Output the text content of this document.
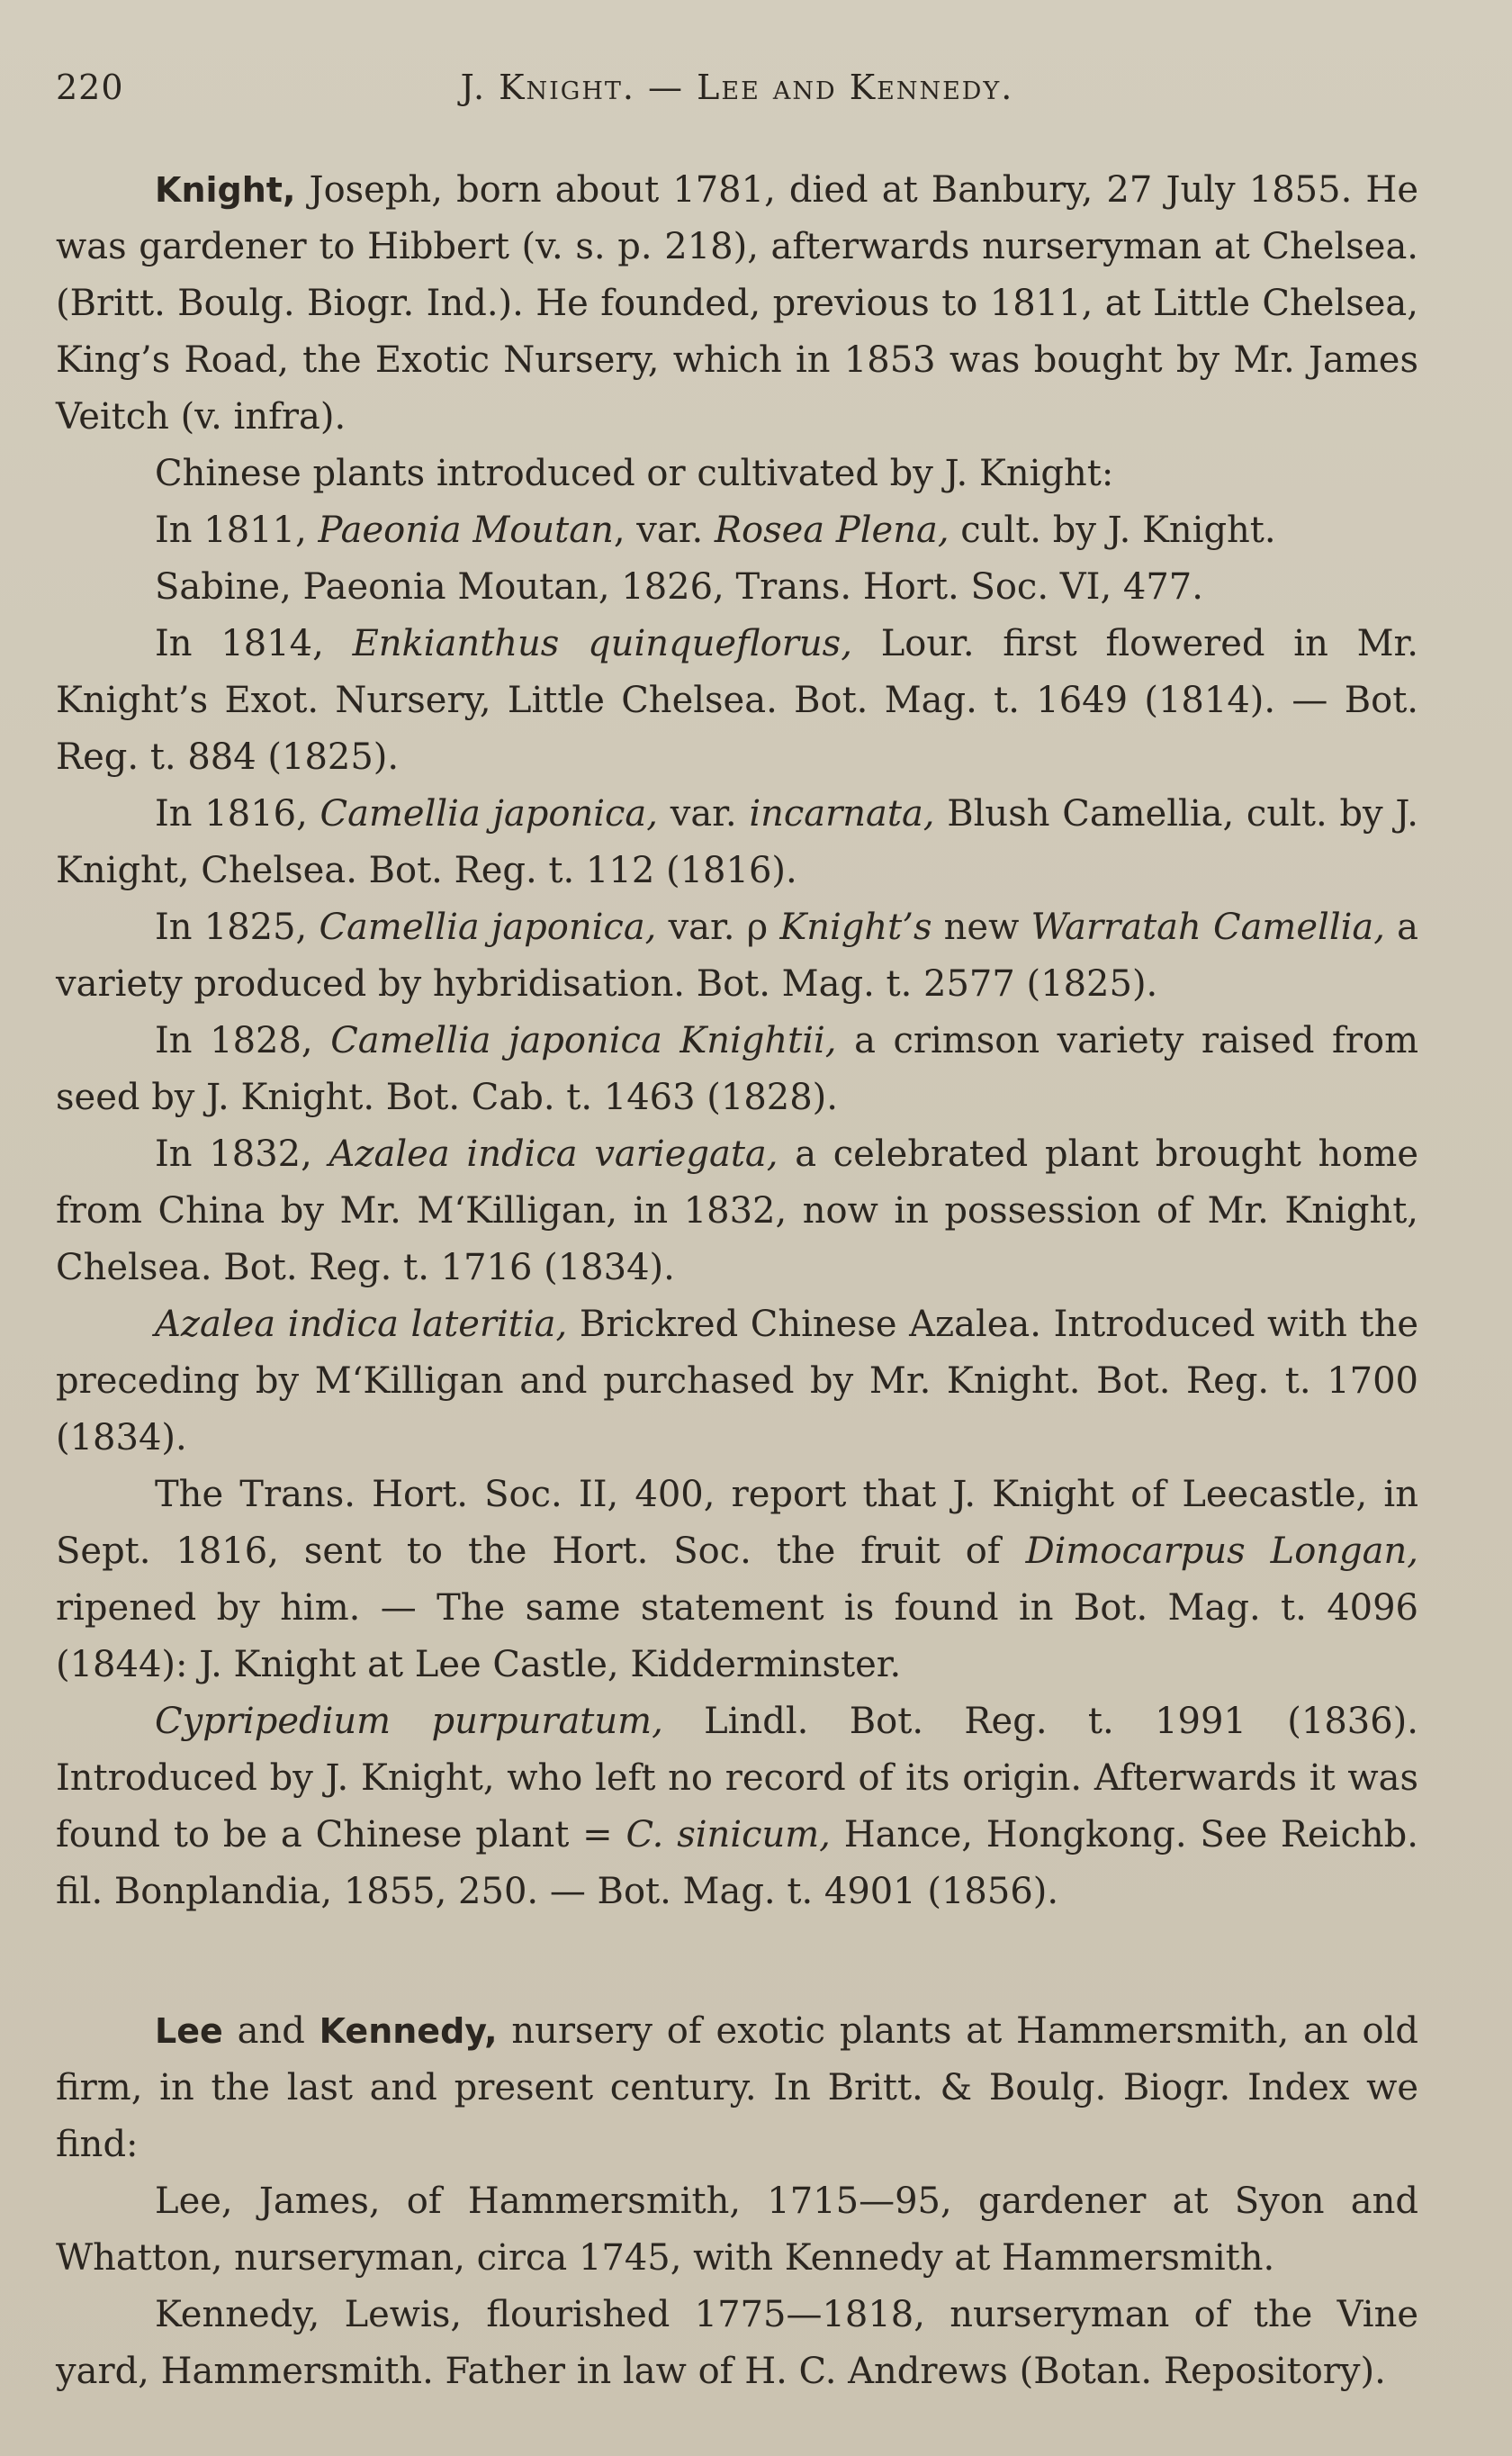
220	J. Knight. — Lee and Kennedy.

Knight, Joseph, born about 1781, died at Banbury, 27 July 1855. He was gardener to Hibbert (v. s. p. 218), afterwards nurseryman at Chelsea. (Britt. Boulg. Biogr. Ind.). He founded, previous to 1811, at Little Chelsea, King’s Road, the Exotic Nursery, which in 1853 was bought by Mr. James Veitch (v. infra).

Chinese plants introduced or cultivated by J. Knight:

In 1811, Paeonia Moutan, var. Rosea Plena, cult. by J. Knight.

Sabine, Paeonia Moutan, 1826, Trans. Hort. Soc. VI, 477.

In 1814, Enkianthus quinqueflorus, Lour. first flowered in Mr. Knight’s Exot. Nursery, Little Chelsea. Bot. Mag. t. 1649 (1814). — Bot. Reg. t. 884 (1825).

In 1816, Camellia japonica, var. incarnata, Blush Camellia, cult. by J. Knight, Chelsea. Bot. Reg. t. 112 (1816).

In 1825, Camellia japonica, var. ρ Knight’s new Warratah Camellia, a variety produced by hybridisation. Bot. Mag. t. 2577 (1825).

In 1828, Camellia japonica Knightii, a crimson variety raised from seed by J. Knight. Bot. Cab. t. 1463 (1828).

In 1832, Azalea indica variegata, a celebrated plant brought home from China by Mr. M‘Killigan, in 1832, now in possession of Mr. Knight, Chelsea. Bot. Reg. t. 1716 (1834).

Azalea indica lateritia, Brickred Chinese Azalea. Introduced with the preceding by M‘Killigan and purchased by Mr. Knight. Bot. Reg. t. 1700 (1834).

The Trans. Hort. Soc. II, 400, report that J. Knight of Leecastle, in Sept. 1816, sent to the Hort. Soc. the fruit of Dimocarpus Longan, ripened by him. — The same statement is found in Bot. Mag. t. 4096 (1844): J. Knight at Lee Castle, Kidderminster.

Cypripedium purpuratum, Lindl. Bot. Reg. t. 1991 (1836). Introduced by J. Knight, who left no record of its origin. Afterwards it was found to be a Chinese plant = C. sinicum, Hance, Hongkong. See Reichb. fil. Bonplandia, 1855, 250. — Bot. Mag. t. 4901 (1856).

Lee and Kennedy, nursery of exotic plants at Hammersmith, an old firm, in the last and present century. In Britt. & Boulg. Biogr. Index we find:

Lee, James, of Hammersmith, 1715—95, gardener at Syon and Whatton, nurseryman, circa 1745, with Kennedy at Hammersmith.

Kennedy, Lewis, flourished 1775—1818, nurseryman of the Vine yard, Hammersmith. Father in law of H. C. Andrews (Botan. Repository).
